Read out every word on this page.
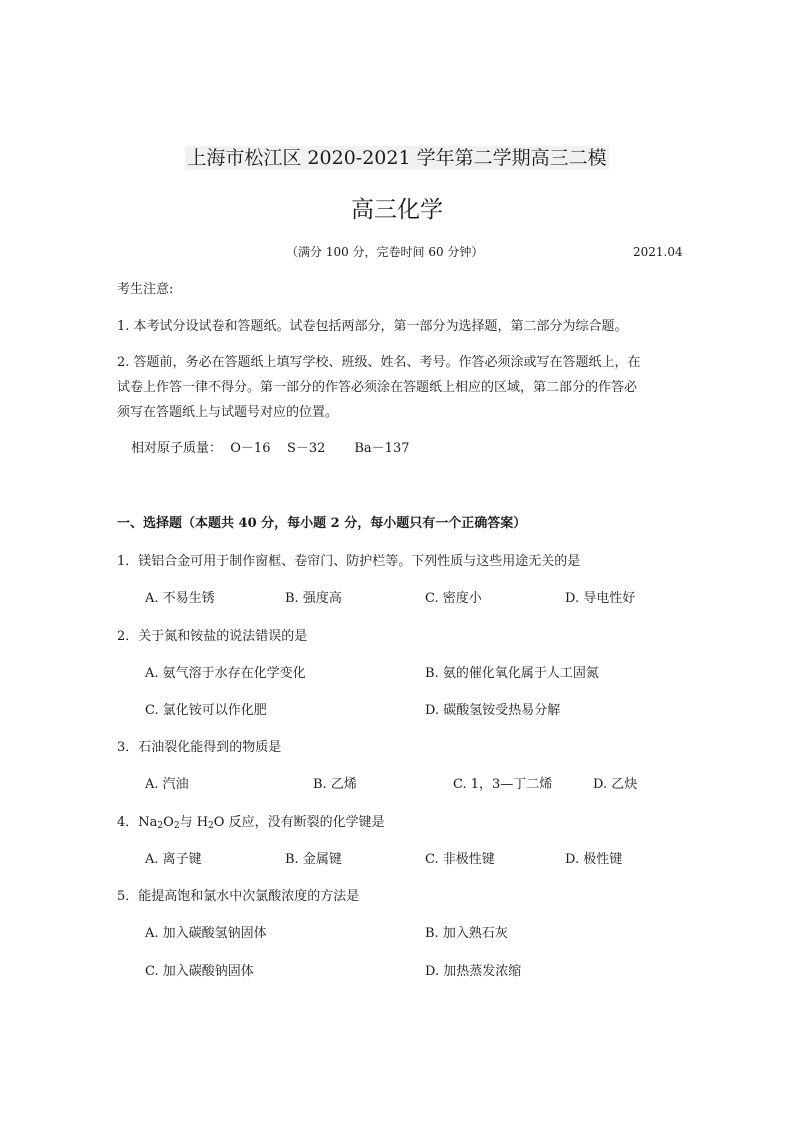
上海市松江区 2020-2021 学年第二学期高三二模
高三化学
（满分 100 分，完卷时间 60 分钟）	2021.04
考生注意:
1. 本考试分设试卷和答题纸。试卷包括两部分，第一部分为选择题，第二部分为综合题。
2. 答题前，务必在答题纸上填写学校、班级、姓名、考号。作答必须涂或写在答题纸上，在
试卷上作答一律不得分。第一部分的作答必须涂在答题纸上相应的区域，第二部分的作答必
须写在答题纸上与试题号对应的位置。
相对原子质量：  O－16    S－32       Ba－137
一、选择题（本题共 40 分，每小题 2 分，每小题只有一个正确答案）
1．镁铝合金可用于制作窗框、卷帘门、防护栏等。下列性质与这些用途无关的是
A. 不易生锈	B. 强度高	C. 密度小	D. 导电性好
2．关于氮和铵盐的说法错误的是
A. 氨气溶于水存在化学变化	B. 氨的催化氧化属于人工固氮
C. 氯化铵可以作化肥	D. 碳酸氢铵受热易分解
3．石油裂化能得到的物质是
A. 汽油	B. 乙烯	C. 1，3—丁二烯	D. 乙炔
4．$Na_2O_2$与 $H_2O$ 反应，没有断裂的化学键是
A. 离子键	B. 金属键	C. 非极性键	D. 极性键
5．能提高饱和氯水中次氯酸浓度的方法是
A. 加入碳酸氢钠固体	B. 加入熟石灰
C. 加入碳酸钠固体	D. 加热蒸发浓缩
